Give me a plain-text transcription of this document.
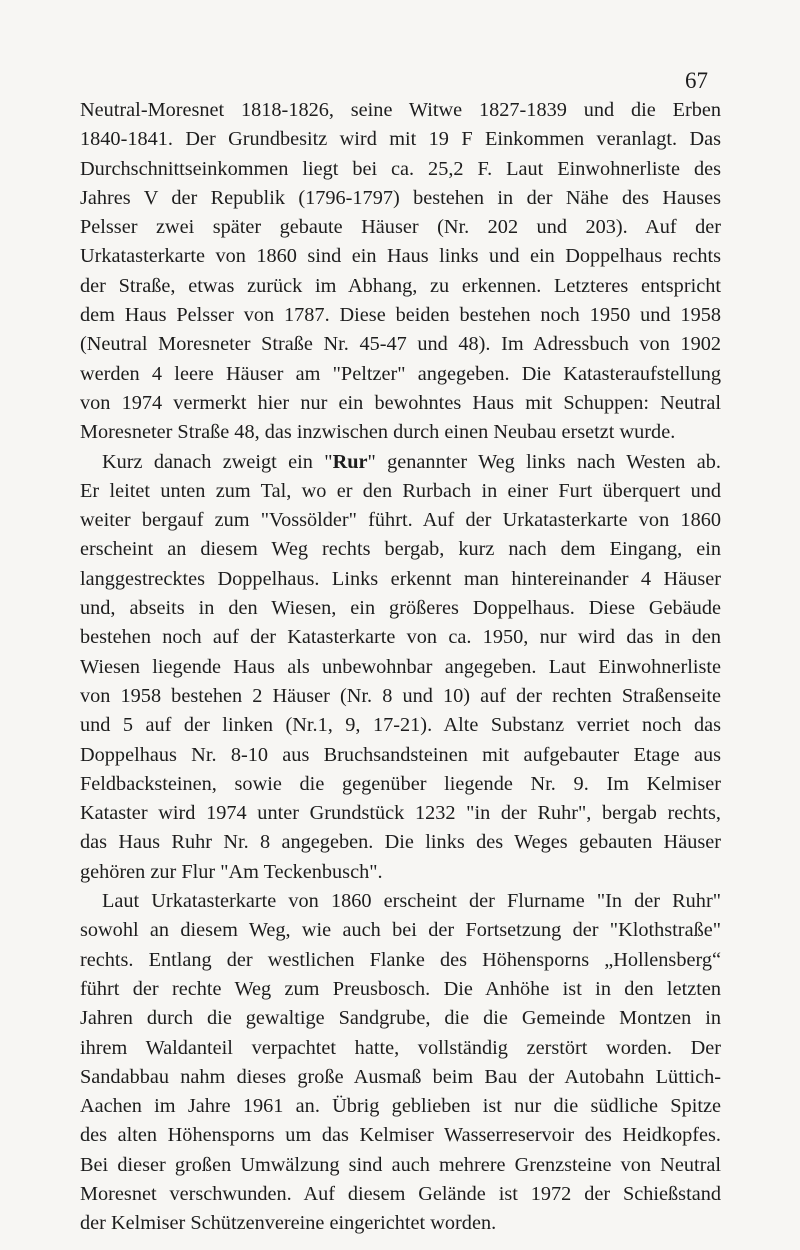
67
Neutral-Moresnet 1818-1826, seine Witwe 1827-1839 und die Erben
1840-1841. Der Grundbesitz wird mit 19 F Einkommen veranlagt. Das
Durchschnittseinkommen liegt bei ca. 25,2 F. Laut Einwohnerliste des
Jahres V der Republik (1796-1797) bestehen in der Nähe des Hauses
Pelsser zwei später gebaute Häuser (Nr. 202 und 203). Auf der
Urkatasterkarte von 1860 sind ein Haus links und ein Doppelhaus rechts
der Straße, etwas zurück im Abhang, zu erkennen. Letzteres entspricht
dem Haus Pelsser von 1787. Diese beiden bestehen noch 1950 und 1958
(Neutral Moresneter Straße Nr. 45-47 und 48). Im Adressbuch von 1902
werden 4 leere Häuser am "Peltzer" angegeben. Die Katasteraufstellung
von 1974 vermerkt hier nur ein bewohntes Haus mit Schuppen: Neutral
Moresneter Straße 48, das inzwischen durch einen Neubau ersetzt wurde.
Kurz danach zweigt ein "Rur" genannter Weg links nach Westen ab.
Er leitet unten zum Tal, wo er den Rurbach in einer Furt überquert und
weiter bergauf zum "Vossölder" führt. Auf der Urkatasterkarte von 1860
erscheint an diesem Weg rechts bergab, kurz nach dem Eingang, ein
langgestrecktes Doppelhaus. Links erkennt man hintereinander 4 Häuser
und, abseits in den Wiesen, ein größeres Doppelhaus. Diese Gebäude
bestehen noch auf der Katasterkarte von ca. 1950, nur wird das in den
Wiesen liegende Haus als unbewohnbar angegeben. Laut Einwohnerliste
von 1958 bestehen 2 Häuser (Nr. 8 und 10) auf der rechten Straßenseite
und 5 auf der linken (Nr.1, 9, 17-21). Alte Substanz verriet noch das
Doppelhaus Nr. 8-10 aus Bruchsandsteinen mit aufgebauter Etage aus
Feldbacksteinen, sowie die gegenüber liegende Nr. 9. Im Kelmiser
Kataster wird 1974 unter Grundstück 1232 "in der Ruhr", bergab rechts,
das Haus Ruhr Nr. 8 angegeben. Die links des Weges gebauten Häuser
gehören zur Flur "Am Teckenbusch".
Laut Urkatasterkarte von 1860 erscheint der Flurname "In der Ruhr"
sowohl an diesem Weg, wie auch bei der Fortsetzung der "Klothstraße"
rechts. Entlang der westlichen Flanke des Höhensporns „Hollensberg“
führt der rechte Weg zum Preusbosch. Die Anhöhe ist in den letzten
Jahren durch die gewaltige Sandgrube, die die Gemeinde Montzen in
ihrem Waldanteil verpachtet hatte, vollständig zerstört worden. Der
Sandabbau nahm dieses große Ausmaß beim Bau der Autobahn Lüttich-
Aachen im Jahre 1961 an. Übrig geblieben ist nur die südliche Spitze
des alten Höhensporns um das Kelmiser Wasserreservoir des Heidkopfes.
Bei dieser großen Umwälzung sind auch mehrere Grenzsteine von Neutral
Moresnet verschwunden. Auf diesem Gelände ist 1972 der Schießstand
der Kelmiser Schützenvereine eingerichtet worden.
